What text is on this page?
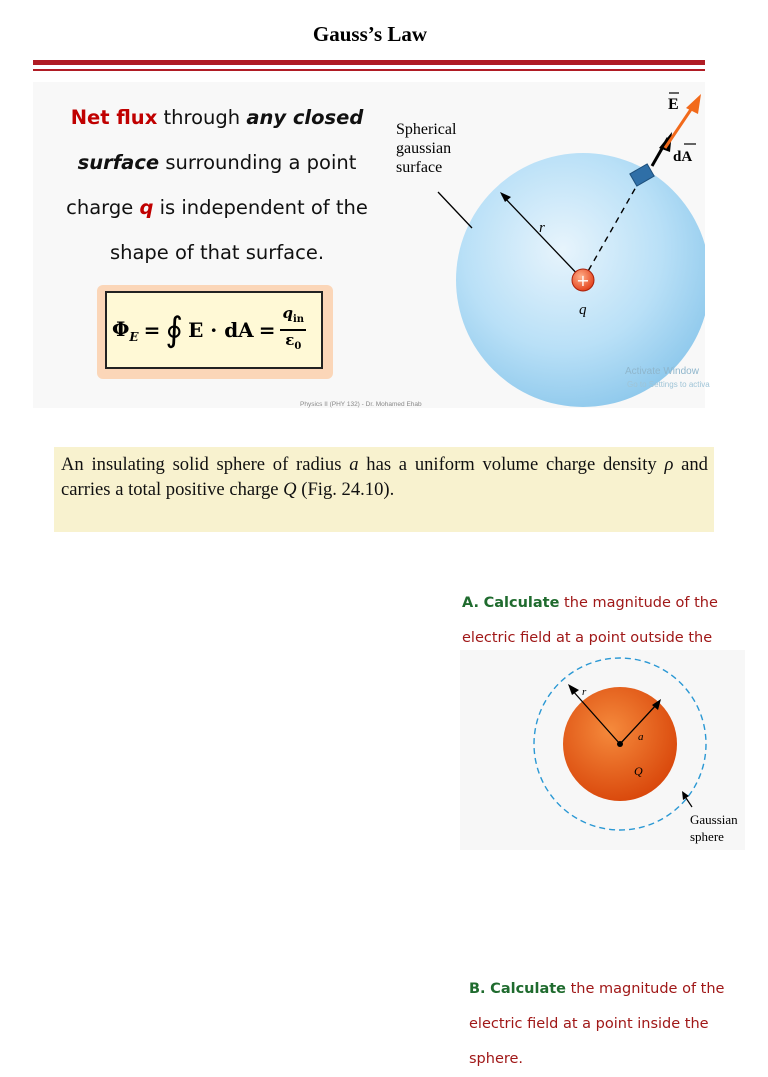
Gauss’s Law
Net flux through any closed surface surrounding a point charge q is independent of the shape of that surface.
$\Phi_E$ = ∮ E · dA = $\frac{q_{in}}{\varepsilon_0}$
Physics II (PHY 132) - Dr. Mohamed Ehab
+
r
q
E
dA
Spherical
gaussian
surface
Activate Window
Go to Settings to activa
An insulating solid sphere of radius a has a uniform volume charge density ρ and carries a total positive charge Q (Fig. 24.10).
A. Calculate the magnitude of the electric field at a point outside the
r
a
Q
Gaussian
sphere
B. Calculate the magnitude of the electric field at a point inside the sphere.
